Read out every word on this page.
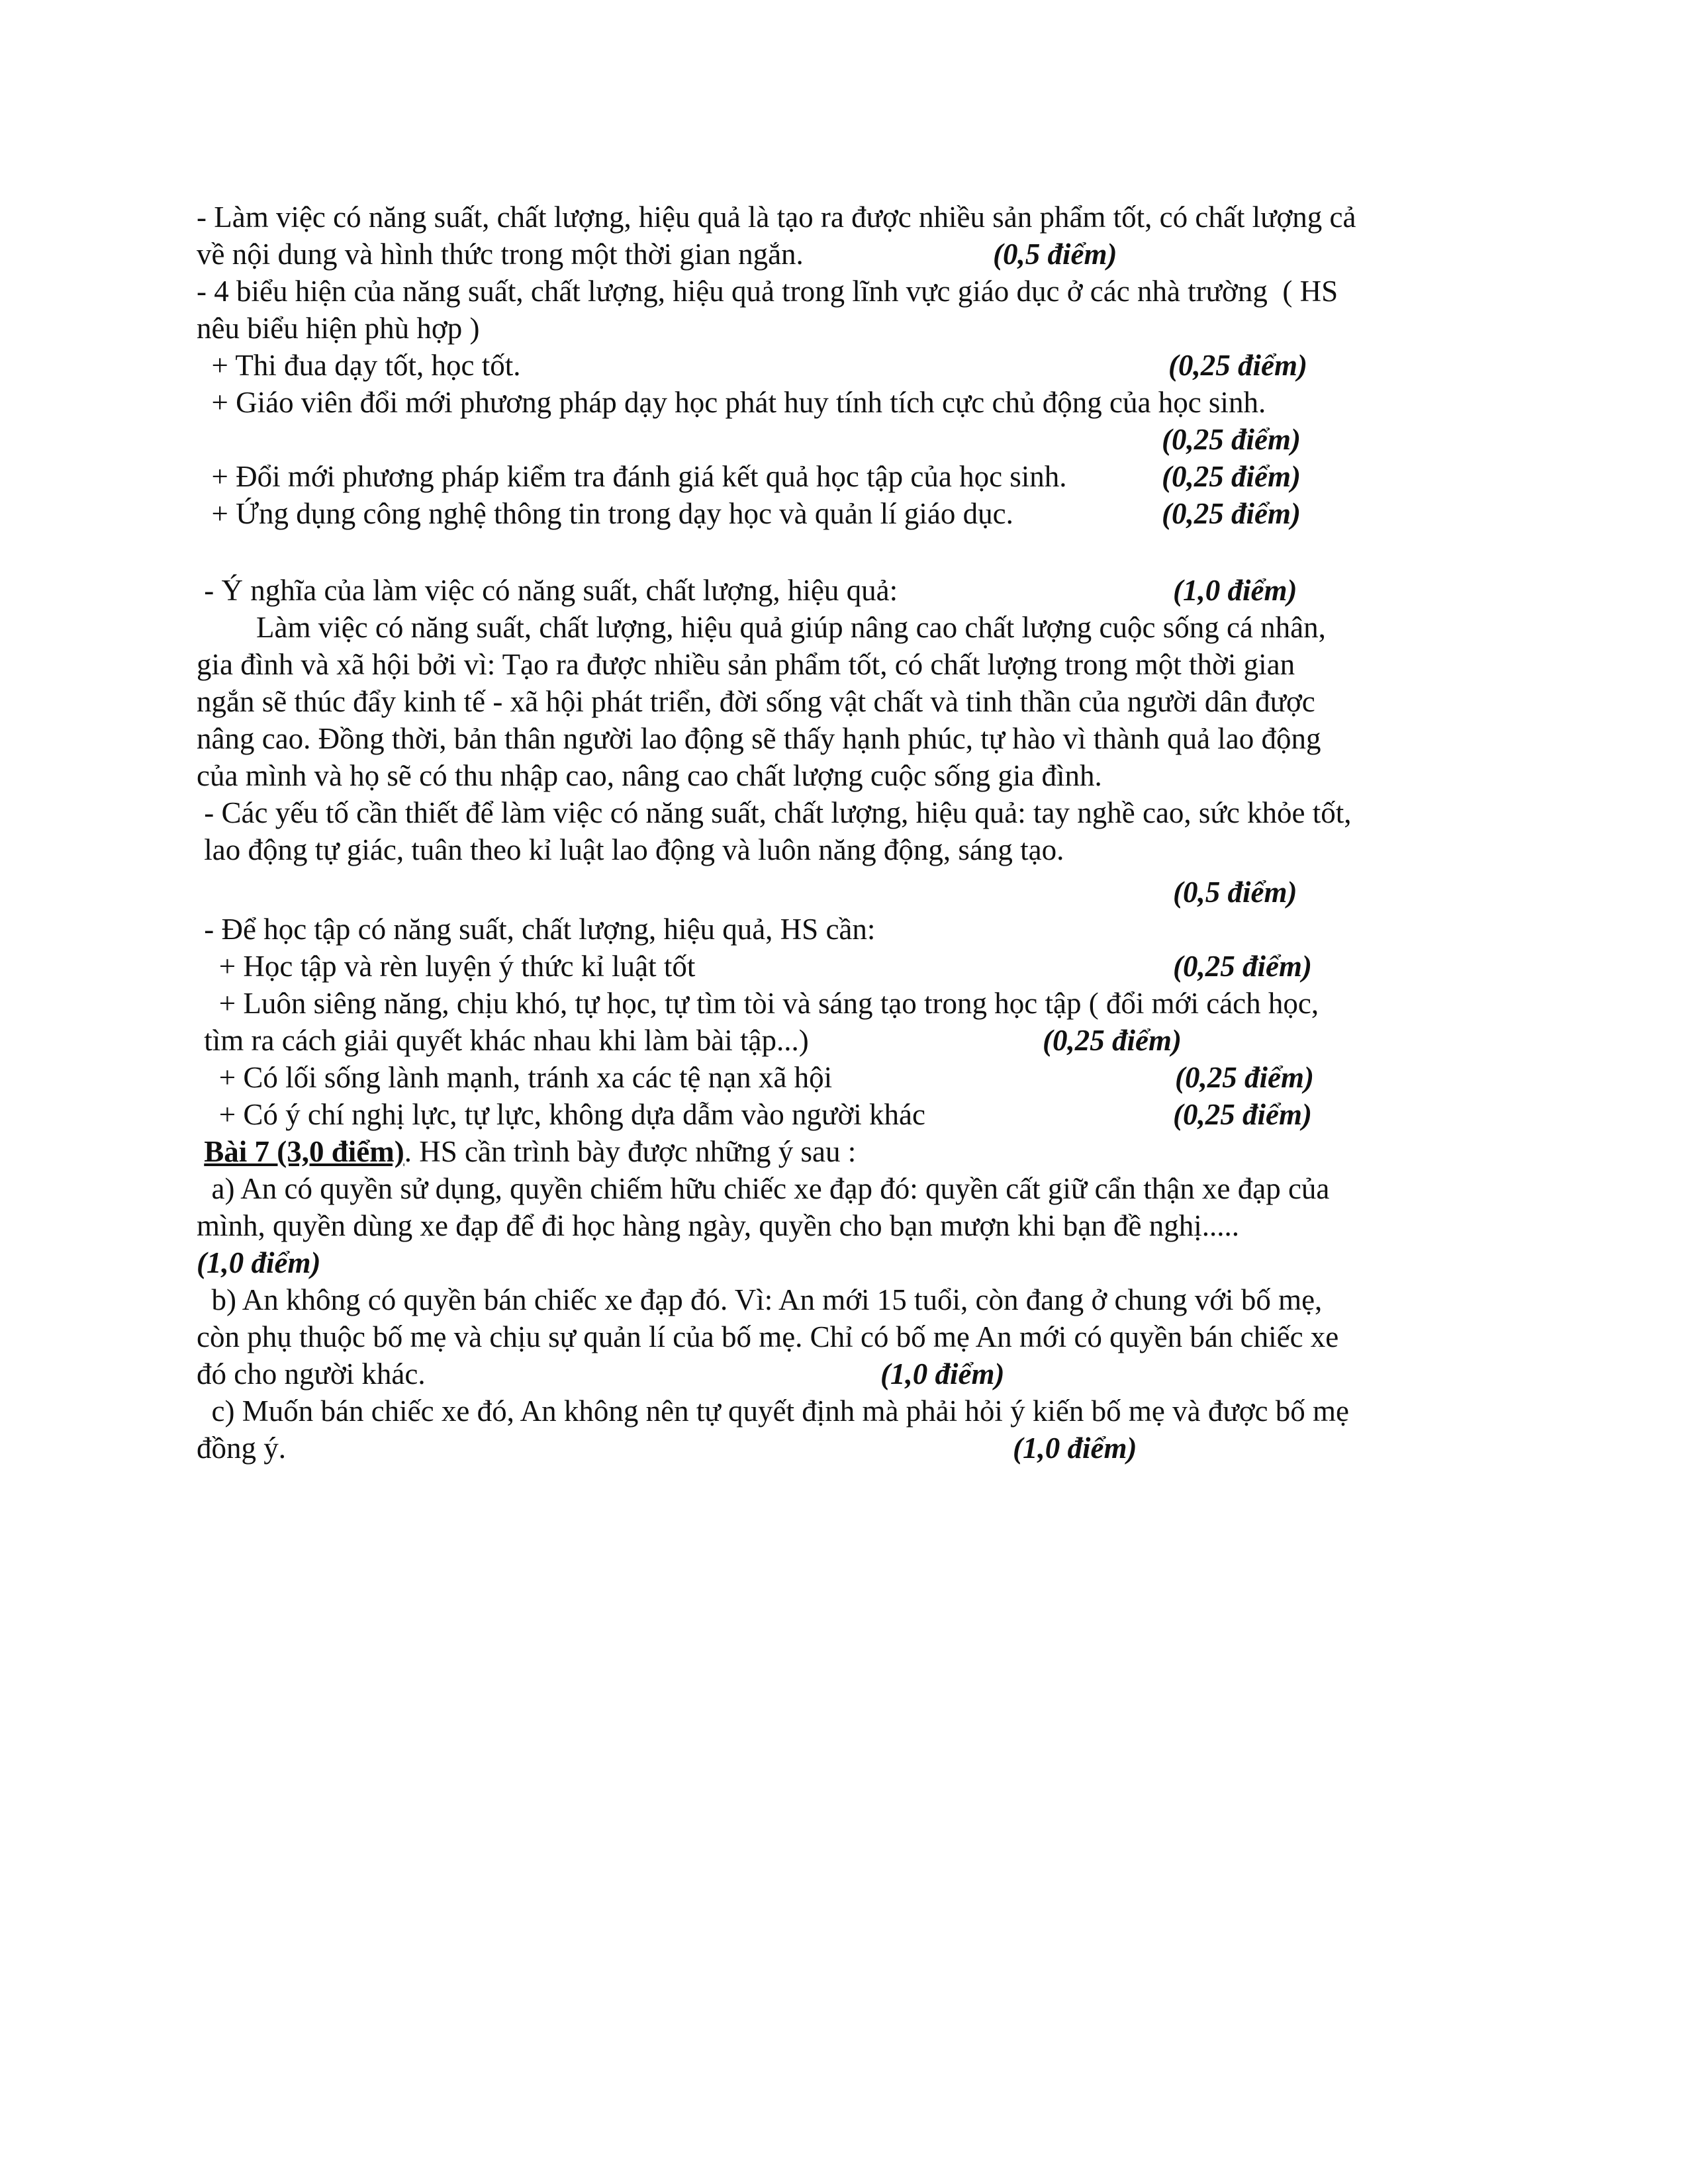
- Làm việc có năng suất, chất lượng, hiệu quả là tạo ra được nhiều sản phẩm tốt, có chất lượng cả
về nội dung và hình thức trong một thời gian ngắn.	(0,5 điểm)
- 4 biểu hiện của năng suất, chất lượng, hiệu quả trong lĩnh vực giáo dục ở các nhà trường  ( HS
nêu biểu hiện phù hợp )
+ Thi đua dạy tốt, học tốt.	(0,25 điểm)
+ Giáo viên đổi mới phương pháp dạy học phát huy tính tích cực chủ động của học sinh.
(0,25 điểm)
+ Đổi mới phương pháp kiểm tra đánh giá kết quả học tập của học sinh.	(0,25 điểm)
+ Ứng dụng công nghệ thông tin trong dạy học và quản lí giáo dục.	(0,25 điểm)
- Ý nghĩa của làm việc có năng suất, chất lượng, hiệu quả:	(1,0 điểm)
Làm việc có năng suất, chất lượng, hiệu quả giúp nâng cao chất lượng cuộc sống cá nhân,
gia đình và xã hội bởi vì: Tạo ra được nhiều sản phẩm tốt, có chất lượng trong một thời gian
ngắn sẽ thúc đẩy kinh tế - xã hội phát triển, đời sống vật chất và tinh thần của người dân được
nâng cao. Đồng thời, bản thân người lao động sẽ thấy hạnh phúc, tự hào vì thành quả lao động
của mình và họ sẽ có thu nhập cao, nâng cao chất lượng cuộc sống gia đình.
- Các yếu tố cần thiết để làm việc có năng suất, chất lượng, hiệu quả: tay nghề cao, sức khỏe tốt,
lao động tự giác, tuân theo kỉ luật lao động và luôn năng động, sáng tạo.
(0,5 điểm)
- Để học tập có năng suất, chất lượng, hiệu quả, HS cần:
+ Học tập và rèn luyện ý thức kỉ luật tốt	(0,25 điểm)
+ Luôn siêng năng, chịu khó, tự học, tự tìm tòi và sáng tạo trong học tập ( đổi mới cách học,
tìm ra cách giải quyết khác nhau khi làm bài tập...)	(0,25 điểm)
+ Có lối sống lành mạnh, tránh xa các tệ nạn xã hội	(0,25 điểm)
+ Có ý chí nghị lực, tự lực, không dựa dẫm vào người khác	(0,25 điểm)
Bài 7 (3,0 điểm). HS cần trình bày được những ý sau :
a) An có quyền sử dụng, quyền chiếm hữu chiếc xe đạp đó: quyền cất giữ cẩn thận xe đạp của
mình, quyền dùng xe đạp để đi học hàng ngày, quyền cho bạn mượn khi bạn đề nghị.....
(1,0 điểm)
b) An không có quyền bán chiếc xe đạp đó. Vì: An mới 15 tuổi, còn đang ở chung với bố mẹ,
còn phụ thuộc bố mẹ và chịu sự quản lí của bố mẹ. Chỉ có bố mẹ An mới có quyền bán chiếc xe
đó cho người khác.	(1,0 điểm)
c) Muốn bán chiếc xe đó, An không nên tự quyết định mà phải hỏi ý kiến bố mẹ và được bố mẹ
đồng ý.	(1,0 điểm)
